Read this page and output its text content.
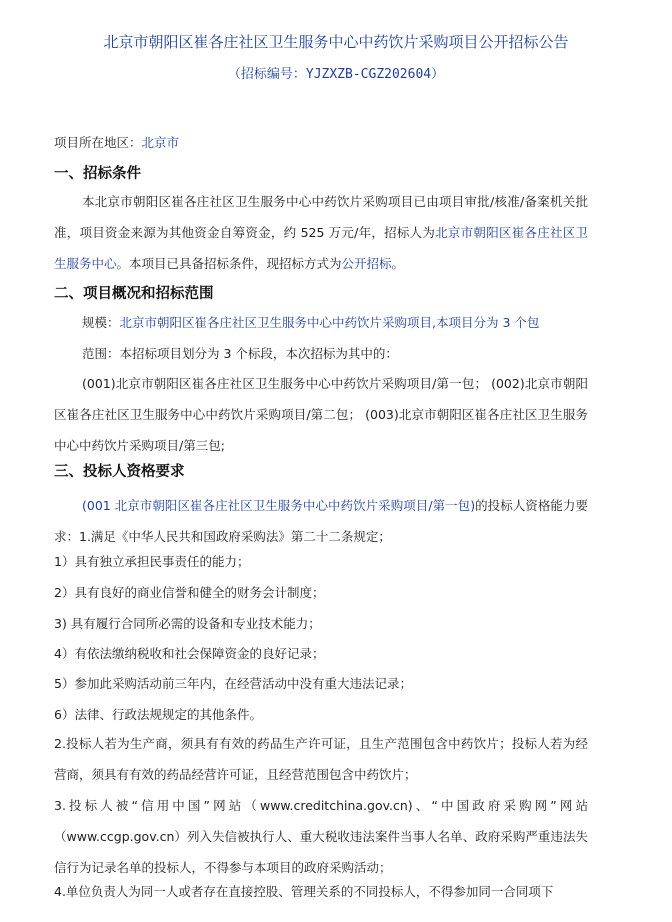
北京市朝阳区崔各庄社区卫生服务中心中药饮片采购项目公开招标公告
（招标编号：YJZXZB-CGZ202604）
项目所在地区：北京市
一、招标条件
本北京市朝阳区崔各庄社区卫生服务中心中药饮片采购项目已由项目审批/核准/备案机关批准，项目资金来源为其他资金自筹资金，约 525 万元/年，招标人为北京市朝阳区崔各庄社区卫生服务中心。本项目已具备招标条件，现招标方式为公开招标。
二、项目概况和招标范围
规模：北京市朝阳区崔各庄社区卫生服务中心中药饮片采购项目,本项目分为 3 个包
范围：本招标项目划分为 3 个标段，本次招标为其中的：
(001)北京市朝阳区崔各庄社区卫生服务中心中药饮片采购项目/第一包； (002)北京市朝阳区崔各庄社区卫生服务中心中药饮片采购项目/第二包； (003)北京市朝阳区崔各庄社区卫生服务中心中药饮片采购项目/第三包;
三、投标人资格要求
(001 北京市朝阳区崔各庄社区卫生服务中心中药饮片采购项目/第一包)的投标人资格能力要求：1.满足《中华人民共和国政府采购法》第二十二条规定；
1）具有独立承担民事责任的能力；
2）具有良好的商业信誉和健全的财务会计制度；
3) 具有履行合同所必需的设备和专业技术能力；
4）有依法缴纳税收和社会保障资金的良好记录；
5）参加此采购活动前三年内，在经营活动中没有重大违法记录；
6）法律、行政法规规定的其他条件。
2.投标人若为生产商，须具有有效的药品生产许可证，且生产范围包含中药饮片；投标人若为经营商，须具有有效的药品经营许可证，且经营范围包含中药饮片；
3.投标人被“信用中国”网站（www.creditchina.gov.cn)、“中国政府采购网”网站（www.ccgp.gov.cn）列入失信被执行人、重大税收违法案件当事人名单、政府采购严重违法失信行为记录名单的投标人，不得参与本项目的政府采购活动；
4.单位负责人为同一人或者存在直接控股、管理关系的不同投标人，不得参加同一合同项下
